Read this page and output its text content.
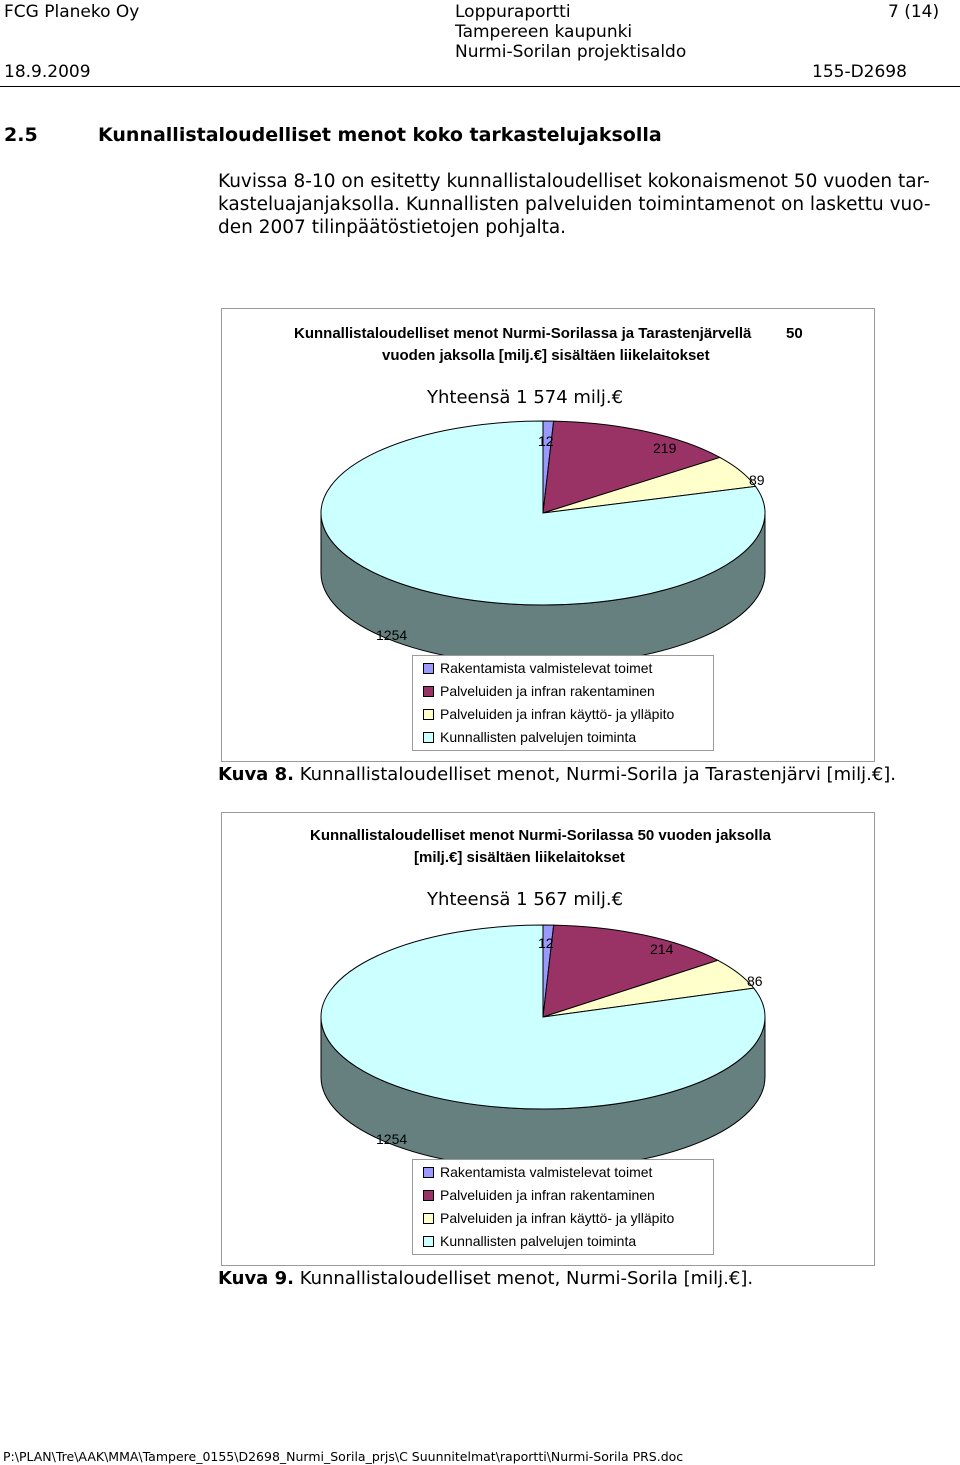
FCG Planeko Oy	Loppuraportti
Tampereen kaupunki
Nurmi-Sorilan projektisaldo
7 (14)
18.9.2009	155-D2698
2.5	Kunnallistaloudelliset menot koko tarkastelujaksolla
Kuvissa 8-10 on esitetty kunnallistaloudelliset kokonaismenot 50 vuoden tar-
kasteluajanjaksolla. Kunnallisten palveluiden toimintamenot on laskettu vuo-
den 2007 tilinpäätöstietojen pohjalta.
Kunnallistaloudelliset menot Nurmi-Sorilassa ja Tarastenjärvellä 50
vuoden jaksolla [milj.€] sisältäen liikelaitokset
Yhteensä 1 574 milj.€
12	219
89
1254
Rakentamista valmistelevat toimet
Palveluiden ja infran rakentaminen
Palveluiden ja infran käyttö- ja ylläpito
Kunnallisten palvelujen toiminta
Kuva 8. Kunnallistaloudelliset menot, Nurmi-Sorila ja Tarastenjärvi [milj.€].
Kunnallistaloudelliset menot Nurmi-Sorilassa 50 vuoden jaksolla
[milj.€] sisältäen liikelaitokset
Yhteensä 1 567 milj.€
12	214
86
1254
Rakentamista valmistelevat toimet
Palveluiden ja infran rakentaminen
Palveluiden ja infran käyttö- ja ylläpito
Kunnallisten palvelujen toiminta
Kuva 9. Kunnallistaloudelliset menot, Nurmi-Sorila [milj.€].
P:\PLAN\Tre\AAK\MMA\Tampere_0155\D2698_Nurmi_Sorila_prjs\C Suunnitelmat\raportti\Nurmi-Sorila PRS.doc
